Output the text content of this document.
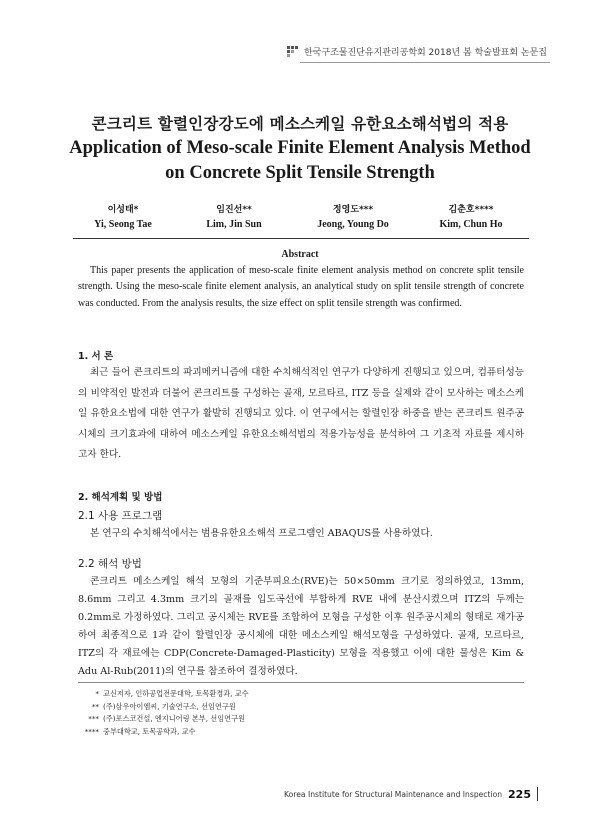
한국구조물진단유지관리공학회 2018년 봄 학술발표회 논문집
콘크리트 할렬인장강도에 메소스케일 유한요소해석법의 적용
Application of Meso-scale Finite Element Analysis Method
on Concrete Split Tensile Strength
이성태*
Yi, Seong Tae
임진선**
Lim, Jin Sun
정영도***
Jeong, Young Do
김춘호****
Kim, Chun Ho
Abstract
This paper presents the application of meso-scale finite element analysis method on concrete split tensile strength. Using the meso-scale finite element analysis, an analytical study on split tensile strength of concrete was conducted. From the analysis results, the size effect on split tensile strength was confirmed.
1. 서 론
최근 들어 콘크리트의 파괴메커니즘에 대한 수치해석적인 연구가 다양하게 진행되고 있으며, 컴퓨터성능의 비약적인 발전과 더불어 콘크리트를 구성하는 골재, 모르타르, ITZ 등을 실제와 같이 모사하는 메소스케일 유한요소법에 대한 연구가 활발히 진행되고 있다. 이 연구에서는 할렬인장 하중을 받는 콘크리트 원주공시체의 크기효과에 대하여 메소스케일 유한요소해석법의 적용가능성을 분석하여 그 기초적 자료를 제시하고자 한다.
2. 해석계획 및 방법
2.1 사용 프로그램
본 연구의 수치해석에서는 범용유한요소해석 프로그램인 ABAQUS를 사용하였다.
2.2 해석 방법
콘크리트 메소스케일 해석 모형의 기준부피요소(RVE)는 50×50mm 크기로 정의하였고, 13mm, 8.6mm 그리고 4.3mm 크기의 골재를 입도곡선에 부합하게 RVE 내에 분산시켰으며 ITZ의 두께는 0.2mm로 가정하였다. 그리고 공시체는 RVE를 조합하여 모형을 구성한 이후 원주공시체의 형태로 재가공하여 최종적으로 1과 같이 할렬인장 공시체에 대한 메소스케일 해석모형을 구성하였다. 골재, 모르타르, ITZ의 각 재료에는 CDP(Concrete-Damaged-Plasticity) 모형을 적용했고 이에 대한 물성은 Kim & Adu Al-Rub(2011)의 연구를 참조하여 결정하였다.
* 교신저자, 인하공업전문대학, 토목환경과, 교수
** (주)삼우아이엠씨, 기술연구소, 선임연구원
*** (주)포스코건설, 엔지니어링 본부, 선임연구원
**** 중부대학교, 토목공학과, 교수
Korea Institute for Structural Maintenance and Inspection 225
